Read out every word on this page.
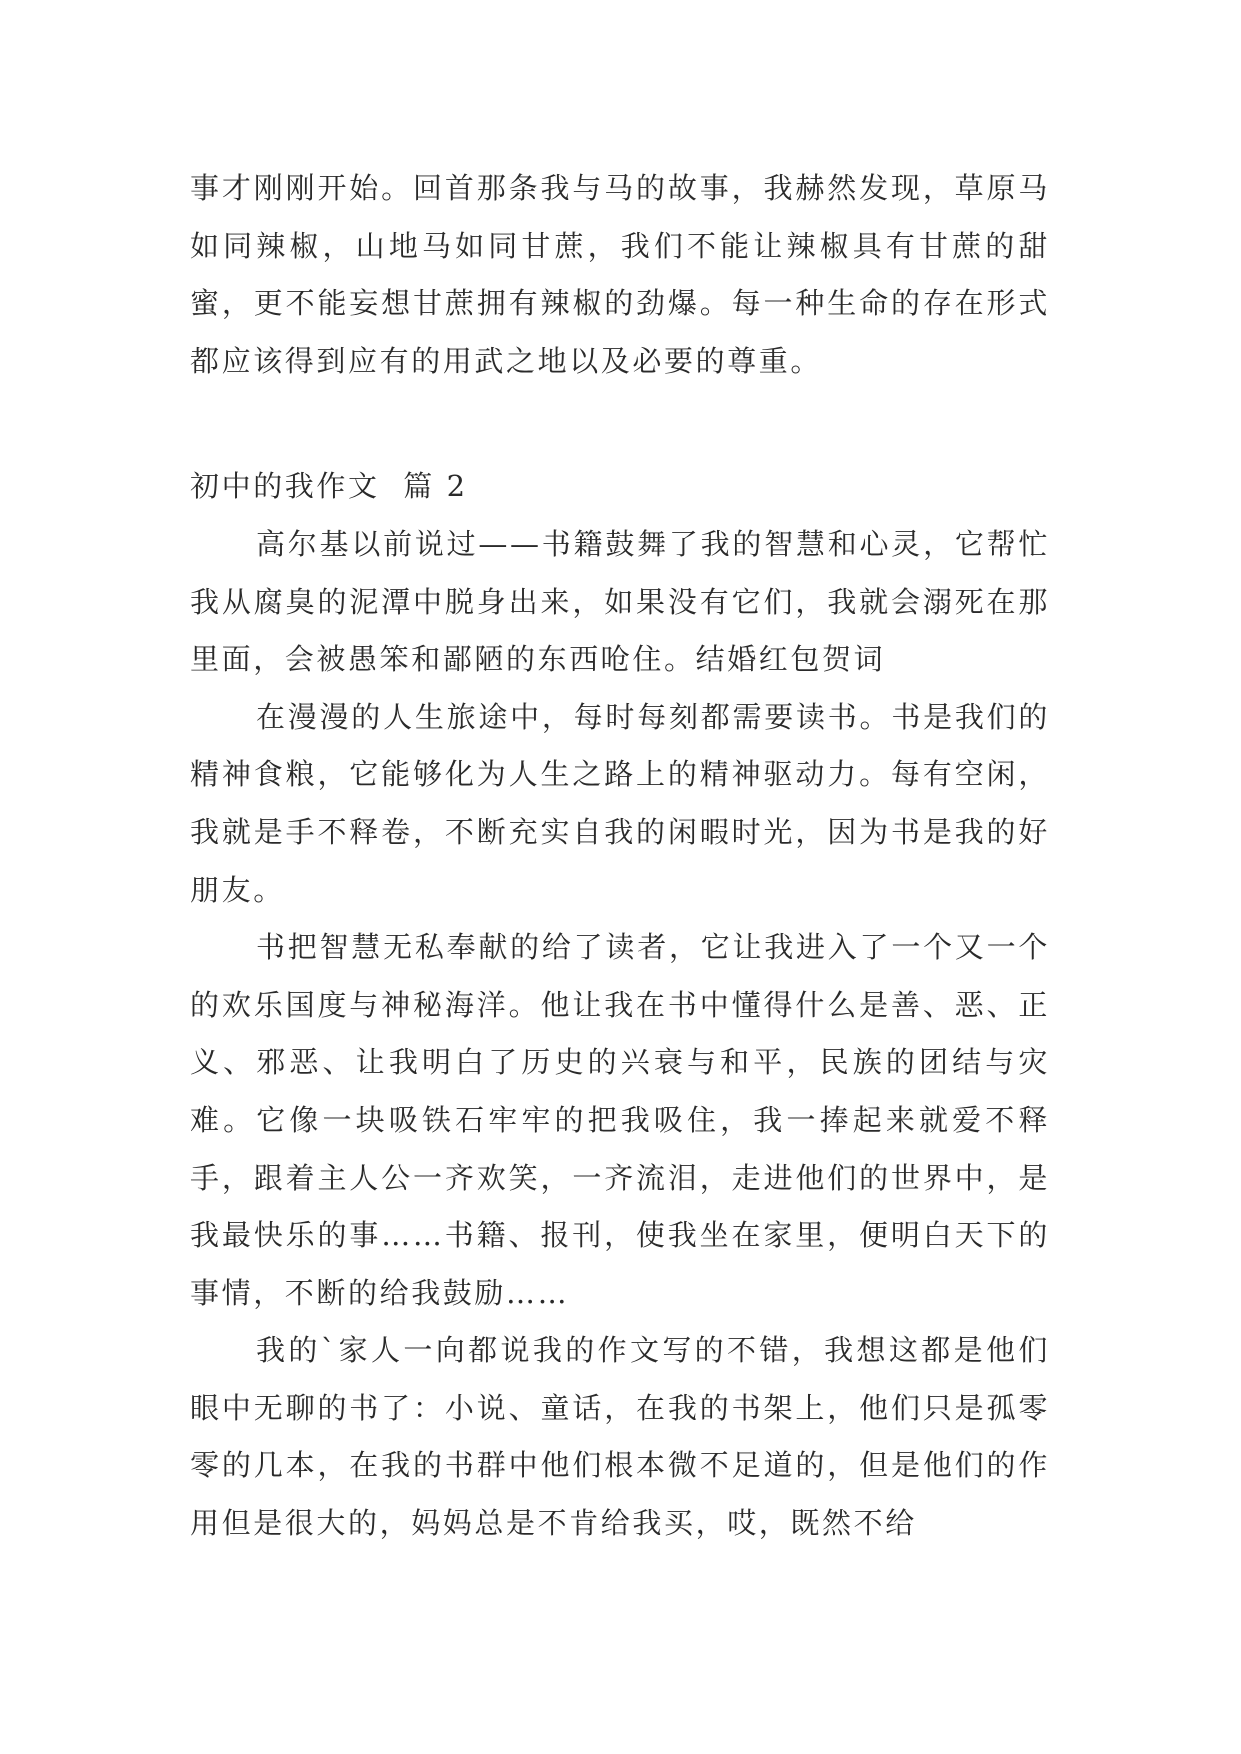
事才刚刚开始。回首那条我与马的故事，我赫然发现，草原马如同辣椒，山地马如同甘蔗，我们不能让辣椒具有甘蔗的甜蜜，更不能妄想甘蔗拥有辣椒的劲爆。每一种生命的存在形式都应该得到应有的用武之地以及必要的尊重。

初中的我作文  篇 2

高尔基以前说过——书籍鼓舞了我的智慧和心灵，它帮忙我从腐臭的泥潭中脱身出来，如果没有它们，我就会溺死在那里面，会被愚笨和鄙陋的东西呛住。结婚红包贺词

在漫漫的人生旅途中，每时每刻都需要读书。书是我们的精神食粮，它能够化为人生之路上的精神驱动力。每有空闲，我就是手不释卷，不断充实自我的闲暇时光，因为书是我的好朋友。

书把智慧无私奉献的给了读者，它让我进入了一个又一个的欢乐国度与神秘海洋。他让我在书中懂得什么是善、恶、正义、邪恶、让我明白了历史的兴衰与和平，民族的团结与灾难。它像一块吸铁石牢牢的把我吸住，我一捧起来就爱不释手，跟着主人公一齐欢笑，一齐流泪，走进他们的世界中，是我最快乐的事……书籍、报刊，使我坐在家里，便明白天下的事情，不断的给我鼓励……

我的`家人一向都说我的作文写的不错，我想这都是他们眼中无聊的书了：小说、童话，在我的书架上，他们只是孤零零的几本，在我的书群中他们根本微不足道的，但是他们的作用但是很大的，妈妈总是不肯给我买，哎，既然不给
